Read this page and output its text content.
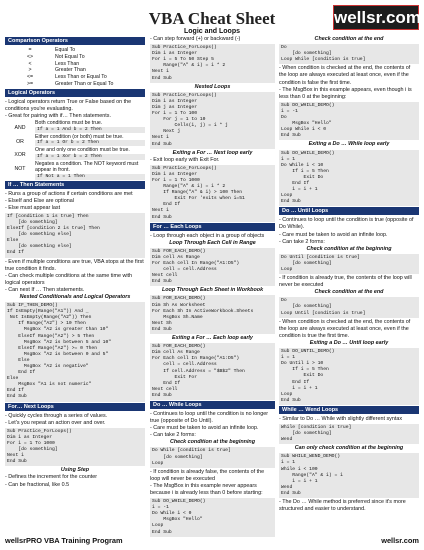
VBA Cheat Sheet
Logic and Loops
wellsr.com
Comparison Operators
=	Equal To
<>	Not Equal To
<	Less Than
>	Greater Than
<=	Less Than or Equal To
>=	Greater Than or Equal To
Logical Operators
- Logical operators return True or False based on the conditions you're evaluating.
- Great for pairing with if… Then statements.
AND
Both conditions must be true.
If a = 1 And b = 2 Then
OR
Either condition (or both) must be true.
If a = 1 Or b = 2 Then
XOR
One and only one condition must be true.
If a = 1 Xor b = 2 Then
NOT
Negates a condition. The NOT keyword must appear in front.
If Not a = 1 Then
If … Then Statements
- Runs a group of actions if certain conditions are met
- ElseIf and Else are optional
- Else must appear last
If [condition 1 is true] Then
[do something]
ElseIf [condition 2 is true] Then
[do something else]
Else
[do something else]
End If
- Even if multiple conditions are true, VBA stops at the first true condition it finds.
- Can check multiple conditions at the same time with logical operators
- Can nest If … Then statements.
Nested Conditionals and Logical Operators
Sub IF_THEN_DEMO()
If IsEmpty(Range("A1")) And _
Not IsEmpty(Range("A2")) Then
If Range("A2") > 10 Then
MsgBox "A2 is greater than 10"
ElseIf Range("A2") > 5 Then
MsgBox "A2 is between 5 and 10"
ElseIf Range("A2") >= 0 Then
MsgBox "A2 is between 0 and 5"
Else
MsgBox "A2 is negative"
End If
Else
MsgBox "A1 is not numeric"
End If
End Sub
For… Next Loops
- Quickly cycles through a series of values.
- Let's you repeat an action over and over.
Sub Practice_ForLoops()
Dim i as Integer
For i = 1 To 1000
[do something]
Next i
End Sub
Using Step
- Defines the increment for the counter
- Can be fractional, like 0.5
- Can step forward (+) or backward (-)
Sub Practice_ForLoops()
Dim i as Integer
For i = 5 To 50 Step 5
Range("A" & i) = i * 2
Next i
End Sub
Nested Loops
Sub Practice_ForLoops()
Dim i as Integer
Dim j as Integer
For i = 1 To 100
For j = 1 to 10
Cells(i, j) = i * j
Next j
Next i
End Sub
Exiting a For … Next loop early
- Exit loop early with Exit For.
Sub Practice_ForLoops()
Dim i as Integer
For i = 1 To 1000
Range("A" & i) = i * 2
If Range("A" & i) > 100 Then
Exit For 'exits when i=51
End If
Next i
End Sub
For … Each Loops
- Loop through each object in a group of objects
Loop Through Each Cell in Range
Sub FOR_EACH_DEMO()
Dim cell As Range
For Each cell In Range("A1:D5")
cell = cell.Address
Next cell
End Sub
Loop Through Each Sheet in Workbook
Sub FOR_EACH_DEMO()
Dim Sh As Worksheet
For Each Sh In ActiveWorkbook.Sheets
MsgBox Sh.Name
Next Sh
End Sub
Exiting a For … Each loop early
Sub FOR_EACH_DEMO()
Dim cell As Range
For Each cell In Range("A1:D5")
cell = cell.Address
If cell.Address = "$B$2" Then
Exit For
End If
Next cell
End Sub
Do … While Loops
- Continues to loop until the condition is no longer true (opposite of Do Until).
- Care must be taken to avoid an infinite loop.
- Can take 2 forms:
Check condition at the beginning
Do While [condition is true]
[do something]
Loop
- If condition is already false, the contents of the loop will never be executed
- The MsgBox in this example never appears because i is already less than 0 before starting:
Sub DO_WHILE_DEMO()
i = -1
Do While i < 0
MsgBox "Hello"
Loop
End Sub
Check condition at the end
Do
[do something]
Loop While [condition is true]
- When condition is checked at the end, the contents of the loop are always executed at least once, even if the condition is false the first time.
- The MsgBox in this example appears, even though i is less than 0 at the beginning:
Sub DO_WHILE_DEMO()
i = -1
Do
MsgBox "Hello"
Loop While i < 0
End Sub
Exiting a Do … While loop early
Sub DO_WHILE_DEMO()
i = 1
Do While i < 10
If i = 5 Then
Exit Do
End If
i = i + 1
Loop
End Sub
Do … Until Loops
- Continues to loop until the condition is true (opposite of Do While).
- Care must be taken to avoid an infinite loop.
- Can take 2 forms:
Check condition at the beginning
Do Until [condition is true]
[do something]
Loop
- If condition is already true, the contents of the loop will never be executed
Check condition at the end
Do
[do something]
Loop Until [condition is true]
- When condition is checked at the end, the contents of the loop are always executed at least once, even if the condition is true the first time.
Exiting a Do … Until loop early
Sub DO_UNTIL_DEMO()
i = 1
Do Until i > 10
If i = 5 Then
Exit Do
End If
i = i + 1
Loop
End Sub
While … Wend Loops
- Similar to Do … While with slightly different syntax
While [condition is true]
[do something]
Wend
Can only check condition at the beginning
Sub WHILE_WEND_DEMO()
i = 1
While i < 100
Range("A" & i) = i
i = i + 1
Wend
End Sub
- The Do … While method is preferred since it's more structured and easier to understand.
wellsrPRO VBA Training Program	wellsr.com
